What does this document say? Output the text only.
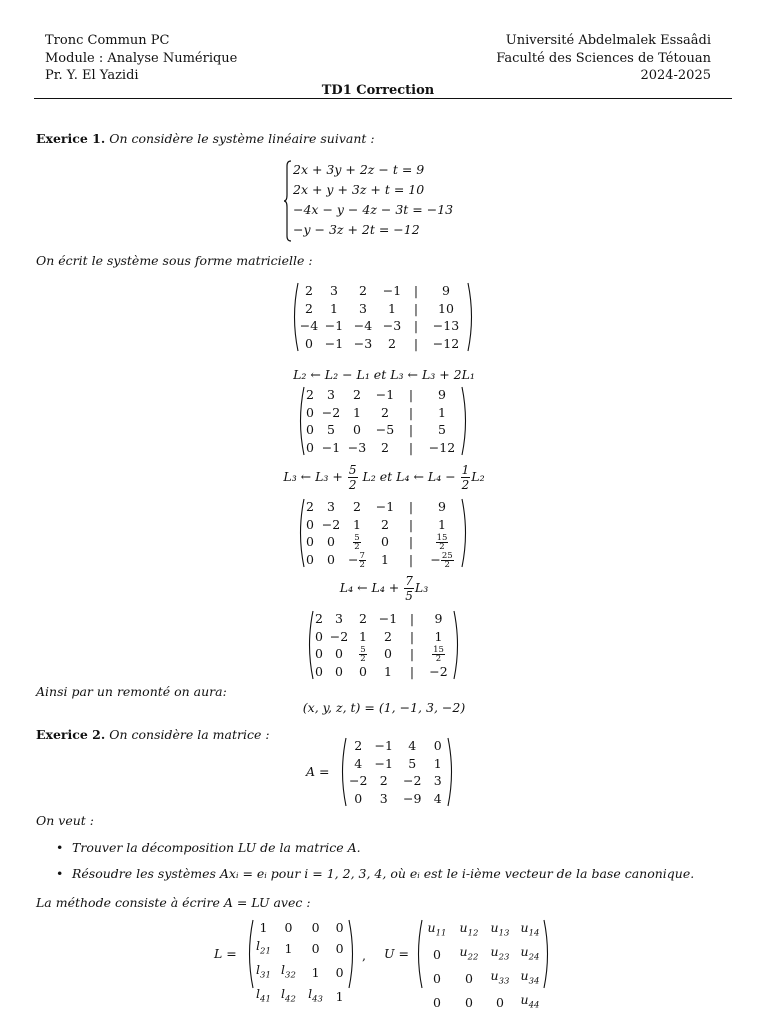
Tronc Commun PC
Module : Analyse Numérique
Pr. Y. El Yazidi
Université Abdelmalek Essaâdi
Faculté des Sciences de Tétouan
2024-2025
TD1 Correction
Exerice 1. On considère le système linéaire suivant :
2x + 3y + 2z − t = 9
2x + y + 3z + t = 10
−4x − y − 4z − 3t = −13
−y − 3z + 2t = −12
On écrit le système sous forme matricielle :
2	3	2	−1	|	9
2	1	3	1	|	10
−4	−1	−4	−3	|	−13
0	−1	−3	2	|	−12
L₂ ← L₂ − L₁ et L₃ ← L₃ + 2L₁
2	3	2	−1	|	9
0	−2	1	2	|	1
0	5	0	−5	|	5
0	−1	−3	2	|	−12
L₃ ← $L_3 + \frac{5}{2} L_2$ et L₄ ← $L_4 - \frac{1}{2} L_2$
2	3	2	−1	|	9
0	−2	1	2	|	1
0	0	$\frac{5}{2}$	0	|	$\frac{15}{2}$

0	0	− $\frac{7}{2}$	1	|	− $\frac{25}{2}$
L₄ ← $L_4 + \frac{7}{5} L_3$
2	3	2	−1	|	9
0	−2	1	2	|	1
0	0	$\frac{5}{2}$	0	|	$\frac{15}{2}$

0	0	0	1	|	−2
Ainsi par un remonté on aura:
(x, y, z, t) = (1, −1, 3, −2)
Exerice 2. On considère la matrice :
A =
2	−1	4	0
4	−1	5	1
−2	2	−2	3
0	3	−9	4
On veut :
• Trouver la décomposition LU de la matrice A.
• Résoudre les systèmes Axᵢ = eᵢ pour i = 1, 2, 3, 4, où eᵢ est le i-ième vecteur de la base canonique.
La méthode consiste à écrire A = LU avec :
L =
1	0	0	0
$l_{21}$	1	0	0
$l_{31}$	$l_{32}$	1	0
$l_{41}$	$l_{42}$	$l_{43}$	1
, U =
$u_{11}$	$u_{12}$	$u_{13}$	$u_{14}$
0	$u_{22}$	$u_{23}$	$u_{24}$
0	0	$u_{33}$	$u_{34}$
0	0	0	$u_{44}$
